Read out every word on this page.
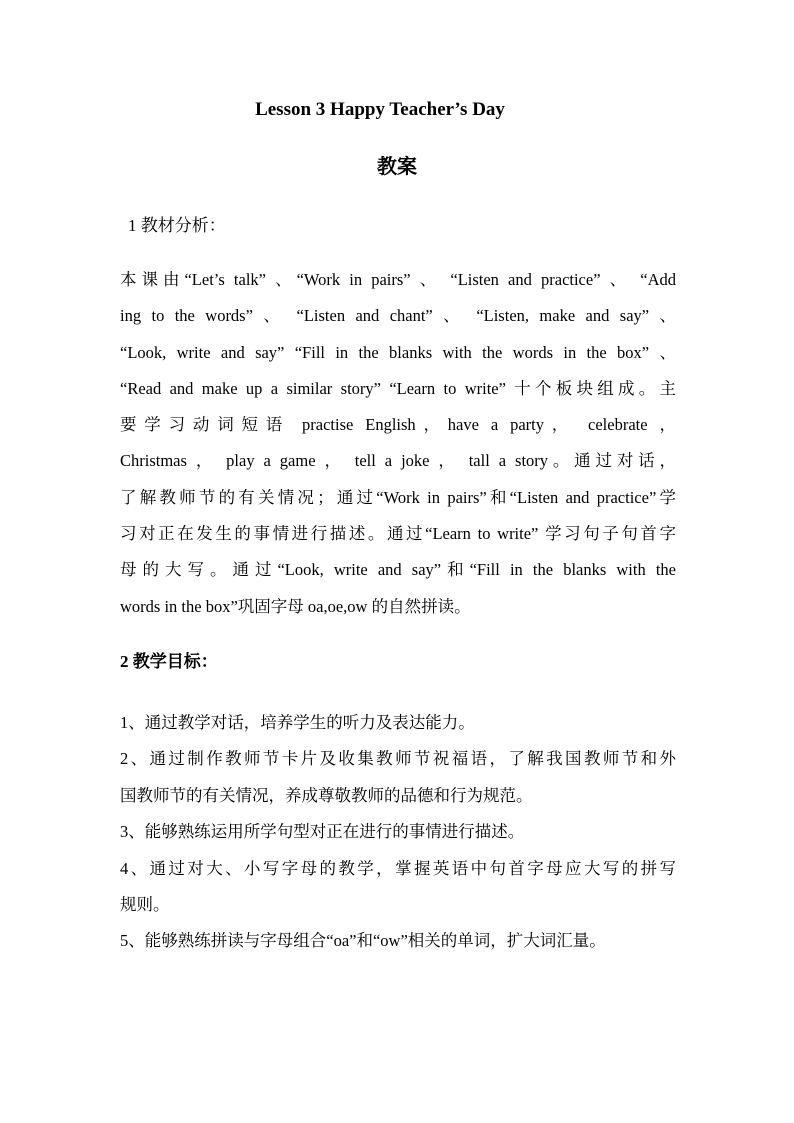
Lesson 3 Happy Teacher’s Day
教案
1 教材分析：
本课由“Let’s talk” 、“Work in pairs” 、 “Listen and practice” 、 “Add
ing to the words” 、 “Listen and chant” 、 “Listen, make and say” 、
“Look, write and say” “Fill in the blanks with the words in the box” 、
“Read and make up a similar story” “Learn to write” 十个板块组成。主
要学习动词短语 practise English，have a party， celebrate ，
Christmas ， play a game ， tell a joke ， tall a story。通过对话，
了解教师节的有关情况；通过“Work in pairs”和“Listen and practice”学
习对正在发生的事情进行描述。通过“Learn to write” 学习句子句首字
母的大写。通过“Look, write and say”和“Fill in the blanks with the
words in the box”巩固字母 oa,oe,ow 的自然拼读。
2 教学目标：
1、通过教学对话，培养学生的听力及表达能力。
2、通过制作教师节卡片及收集教师节祝福语，了解我国教师节和外
国教师节的有关情况，养成尊敬教师的品德和行为规范。
3、能够熟练运用所学句型对正在进行的事情进行描述。
4、通过对大、小写字母的教学，掌握英语中句首字母应大写的拼写
规则。
5、能够熟练拼读与字母组合“oa”和“ow”相关的单词，扩大词汇量。
